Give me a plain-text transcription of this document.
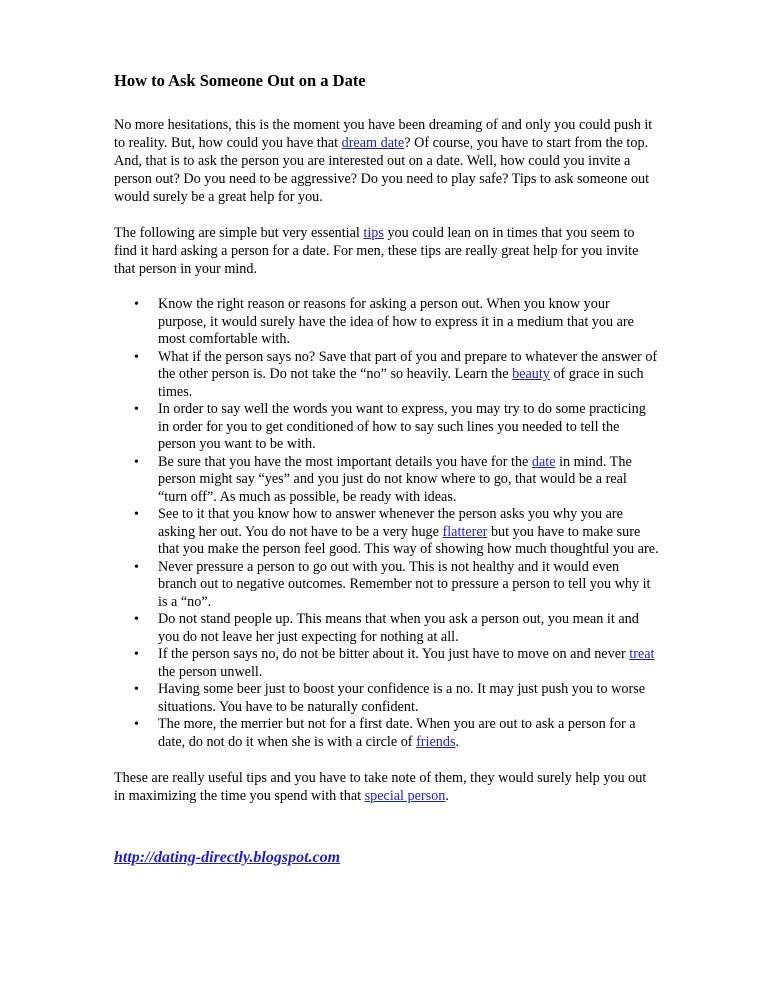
How to Ask Someone Out on a Date

No more hesitations, this is the moment you have been dreaming of and only you could push it to reality. But, how could you have that dream date? Of course, you have to start from the top. And, that is to ask the person you are interested out on a date. Well, how could you invite a person out? Do you need to be aggressive? Do you need to play safe? Tips to ask someone out would surely be a great help for you.

The following are simple but very essential tips you could lean on in times that you seem to find it hard asking a person for a date. For men, these tips are really great help for you invite that person in your mind.

• Know the right reason or reasons for asking a person out. When you know your purpose, it would surely have the idea of how to express it in a medium that you are most comfortable with.
• What if the person says no? Save that part of you and prepare to whatever the answer of the other person is. Do not take the “no” so heavily. Learn the beauty of grace in such times.
• In order to say well the words you want to express, you may try to do some practicing in order for you to get conditioned of how to say such lines you needed to tell the person you want to be with.
• Be sure that you have the most important details you have for the date in mind. The person might say “yes” and you just do not know where to go, that would be a real “turn off”. As much as possible, be ready with ideas.
• See to it that you know how to answer whenever the person asks you why you are asking her out. You do not have to be a very huge flatterer but you have to make sure that you make the person feel good. This way of showing how much thoughtful you are.
• Never pressure a person to go out with you. This is not healthy and it would even branch out to negative outcomes. Remember not to pressure a person to tell you why it is a “no”.
• Do not stand people up. This means that when you ask a person out, you mean it and you do not leave her just expecting for nothing at all.
• If the person says no, do not be bitter about it. You just have to move on and never treat the person unwell.
• Having some beer just to boost your confidence is a no. It may just push you to worse situations. You have to be naturally confident.
• The more, the merrier but not for a first date. When you are out to ask a person for a date, do not do it when she is with a circle of friends.

These are really useful tips and you have to take note of them, they would surely help you out in maximizing the time you spend with that special person.

http://dating-directly.blogspot.com
